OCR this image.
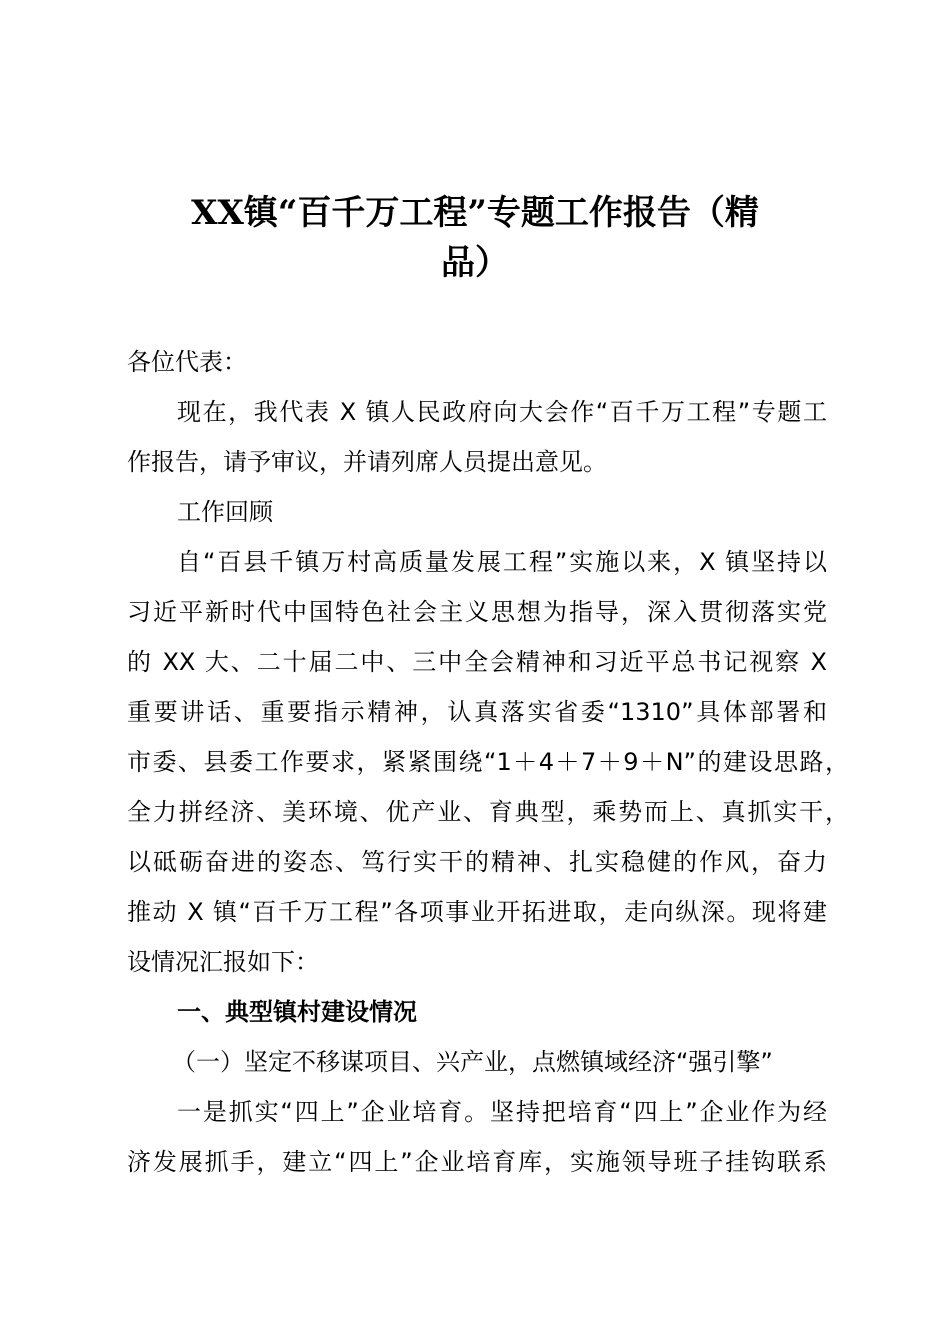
XX镇“百千万工程”专题工作报告（精
品）
各位代表：
现在，我代表 X 镇人民政府向大会作“百千万工程”专题工
作报告，请予审议，并请列席人员提出意见。
工作回顾
自“百县千镇万村高质量发展工程”实施以来，X 镇坚持以
习近平新时代中国特色社会主义思想为指导，深入贯彻落实党
的 XX 大、二十届二中、三中全会精神和习近平总书记视察 X
重要讲话、重要指示精神，认真落实省委“1310”具体部署和
市委、县委工作要求，紧紧围绕“1＋4＋7＋9＋N”的建设思路，
全力拼经济、美环境、优产业、育典型，乘势而上、真抓实干，
以砥砺奋进的姿态、笃行实干的精神、扎实稳健的作风，奋力
推动 X 镇“百千万工程”各项事业开拓进取，走向纵深。现将建
设情况汇报如下：
一、典型镇村建设情况
（一）坚定不移谋项目、兴产业，点燃镇域经济“强引擎”
一是抓实“四上”企业培育。坚持把培育“四上”企业作为经
济发展抓手，建立“四上”企业培育库，实施领导班子挂钩联系
